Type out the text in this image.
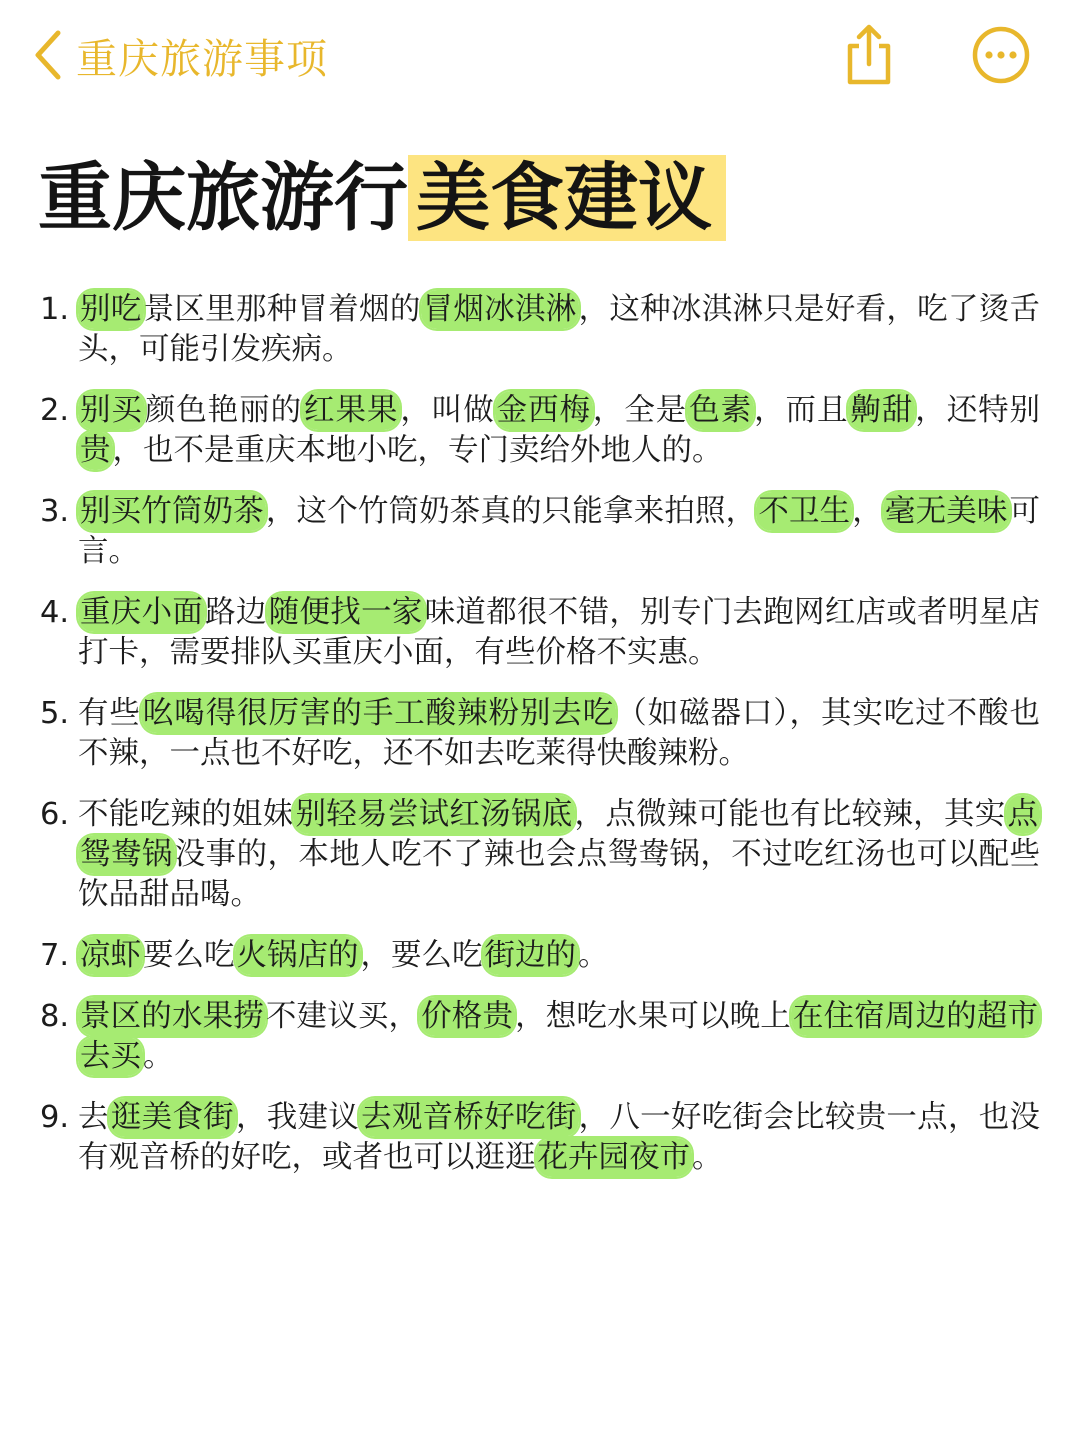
重庆旅游事项
重庆旅游行 美食建议
1. 别吃景区里那种冒着烟的冒烟冰淇淋，这种冰淇淋只是好看，吃了烫舌头，可能引发疾病。
2. 别买颜色艳丽的红果果，叫做金西梅，全是色素，而且齁甜，还特别贵，也不是重庆本地小吃，专门卖给外地人的。
3. 别买竹筒奶茶，这个竹筒奶茶真的只能拿来拍照，不卫生，毫无美味可言。
4. 重庆小面路边随便找一家味道都很不错，别专门去跑网红店或者明星店打卡，需要排队买重庆小面，有些价格不实惠。
5. 有些吆喝得很厉害的手工酸辣粉别去吃（如磁器口），其实吃过不酸也不辣，一点也不好吃，还不如去吃莱得快酸辣粉。
6. 不能吃辣的姐妹别轻易尝试红汤锅底，点微辣可能也有比较辣，其实点鸳鸯锅没事的，本地人吃不了辣也会点鸳鸯锅，不过吃红汤也可以配些饮品甜品喝。
7. 凉虾要么吃火锅店的，要么吃街边的。
8. 景区的水果捞不建议买，价格贵，想吃水果可以晚上在住宿周边的超市去买。
9. 去逛美食街，我建议去观音桥好吃街，八一好吃街会比较贵一点，也没有观音桥的好吃，或者也可以逛逛花卉园夜市。
